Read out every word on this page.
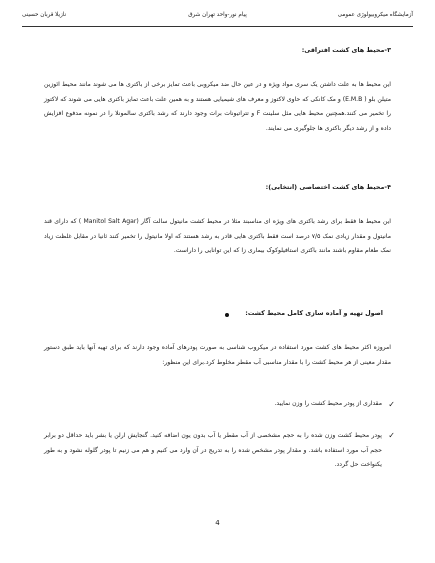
آزمایشگاه میکروبیولوژی عمومی
پیام نور-واحد تهران شرق
نازیلا قربان حسینی
۳-محیط های کشت افتراقی:

این محیط ها به علت داشتن یک سری مواد ویژه و در عین حال ضد میکروبی باعث تمایز برخی از باکتری ها می شوند مانند محیط ائوزین متیلن بلو ( E.M.B) و مک کانکی که حاوی لاکتوز و معرف های شیمیایی هستند و به همین علت باعث تمایز باکتری هایی می شوند که لاکتوز را تخمیر می کنند.همچنین محیط هایی مثل سلینت F و تتراتیونات براث وجود دارند که رشد باکتری سالمونلا را در نمونه مدفوع افزایش داده و از رشد دیگر باکتری ها جلوگیری می نمایند.

۴-محیط های کشت اختصاصی (انتخابی):

این محیط ها فقط برای رشد باکتری های ویژه ای مناسبند مثلا در محیط کشت مانیتول سالت آگار (Manitol Salt Agar ) که دارای قند مانیتول و مقدار زیادی نمک ۷/۵ درصد است فقط باکتری هایی قادر به رشد هستند که اولا مانیتول را تخمیر کنند ثانیا در مقابل غلظت زیاد نمک طعام مقاوم باشند مانند باکتری استافیلوکوک بیماری زا که این توانایی را داراست.

اصول تهیه و آماده سازی کامل محیط کشت:

امروزه اکثر محیط های کشت مورد استفاده در میکروب شناسی به صورت پودرهای آماده وجود دارند که برای تهیه آنها باید طبق دستور مقدار معینی از هر محیط کشت را با مقدار مناسبی آب مقطر مخلوط کرد.برای این منظور:

✓

مقداری از پودر محیط کشت را وزن نمایید.

✓

پودر محیط کشت وزن شده را به حجم مشخصی از آب مقطر یا آب بدون یون اضافه کنید. گنجایش ارلن یا بشر باید حداقل دو برابر حجم آب مورد استفاده باشد. و مقدار پودر مشخص شده را به تدریج در آن وارد می کنیم و هم می زنیم تا پودر گلوله نشود و به طور یکنواخت حل گردد.

4
